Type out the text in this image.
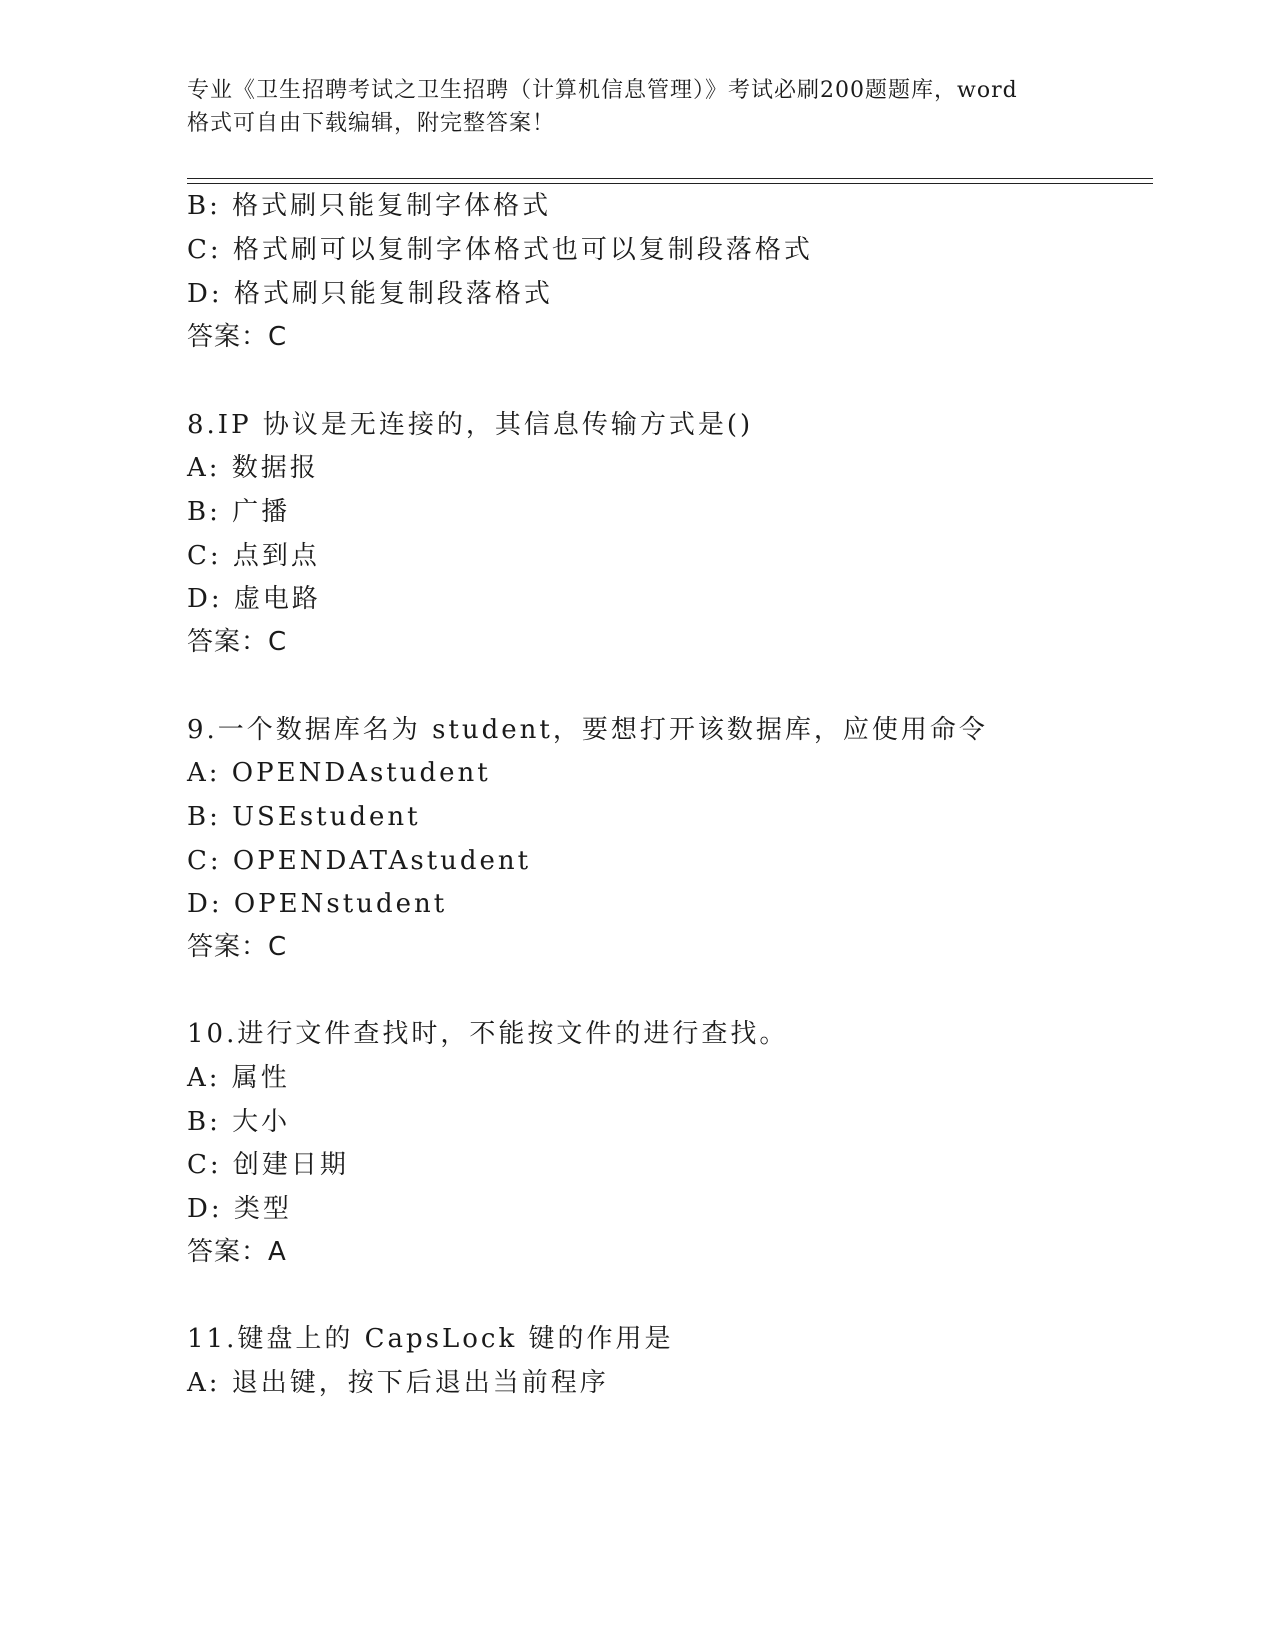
专业《卫生招聘考试之卫生招聘（计算机信息管理）》考试必刷200题题库，word
格式可自由下载编辑，附完整答案！
B: 格式刷只能复制字体格式
C: 格式刷可以复制字体格式也可以复制段落格式
D: 格式刷只能复制段落格式
答案：C
8.IP 协议是无连接的，其信息传输方式是()
A: 数据报
B: 广播
C: 点到点
D: 虚电路
答案：C
9.一个数据库名为 student，要想打开该数据库，应使用命令
A: OPENDAstudent
B: USEstudent
C: OPENDATAstudent
D: OPENstudent
答案：C
10.进行文件查找时，不能按文件的进行查找。
A: 属性
B: 大小
C: 创建日期
D: 类型
答案：A
11.键盘上的 CapsLock 键的作用是
A: 退出键，按下后退出当前程序
